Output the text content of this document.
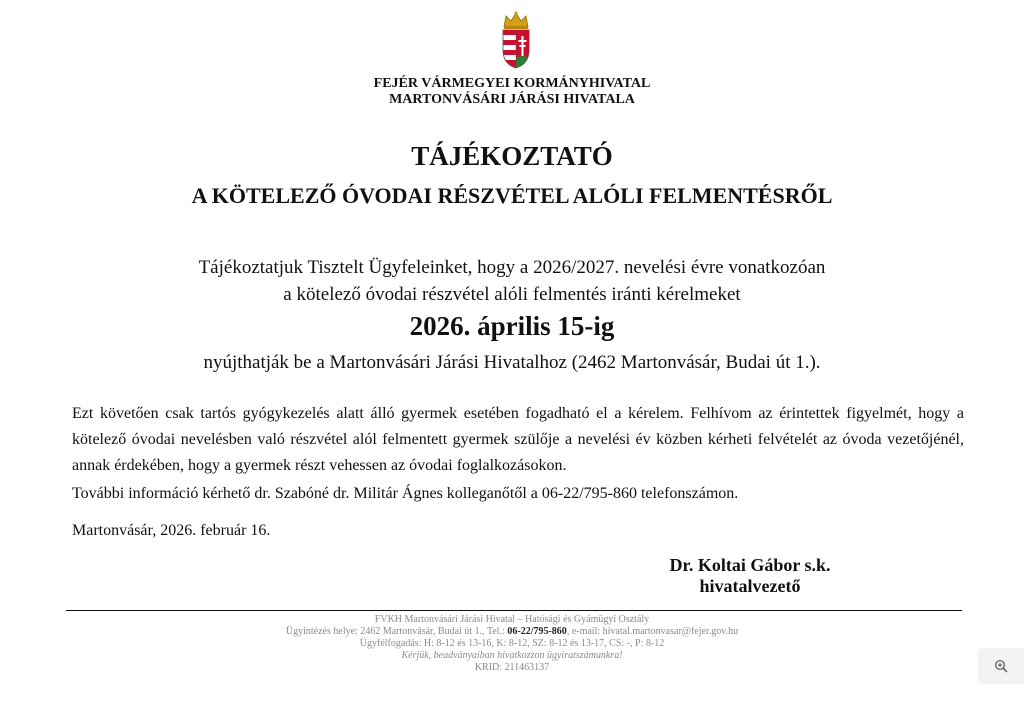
FEJÉR VÁRMEGYEI KORMÁNYHIVATAL
MARTONVÁSÁRI JÁRÁSI HIVATALA
TÁJÉKOZTATÓ
A KÖTELEZŐ ÓVODAI RÉSZVÉTEL ALÓLI FELMENTÉSRŐL
Tájékoztatjuk Tisztelt Ügyfeleinket, hogy a 2026/2027. nevelési évre vonatkozóan
a kötelező óvodai részvétel alóli felmentés iránti kérelmeket
2026. április 15-ig
nyújthatják be a Martonvásári Járási Hivatalhoz (2462 Martonvásár, Budai út 1.).
Ezt követően csak tartós gyógykezelés alatt álló gyermek esetében fogadható el a kérelem. Felhívom az érintettek figyelmét, hogy a kötelező óvodai nevelésben való részvétel alól felmentett gyermek szülője a nevelési év közben kérheti felvételét az óvoda vezetőjénél, annak érdekében, hogy a gyermek részt vehessen az óvodai foglalkozásokon.
További információ kérhető dr. Szabóné dr. Militár Ágnes kolleganőtől a 06-22/795-860 telefonszámon.
Martonvásár, 2026. február 16.
Dr. Koltai Gábor s.k.
hivatalvezető
FVKH Martonvásári Járási Hivatal – Hatósági és Gyámügyi Osztály
Ügyintézés helye: 2462 Martonvásár, Budai út 1., Tel.: 06-22/795-860, e-mail: hivatal.martonvasar@fejer.gov.hu
Ügyfélfogadás: H: 8-12 és 13-16, K: 8-12, SZ: 8-12 és 13-17, CS: -, P: 8-12
Kérjük, beadványaiban hivatkozzon ügyiratszámunkra!
KRID: 211463137
